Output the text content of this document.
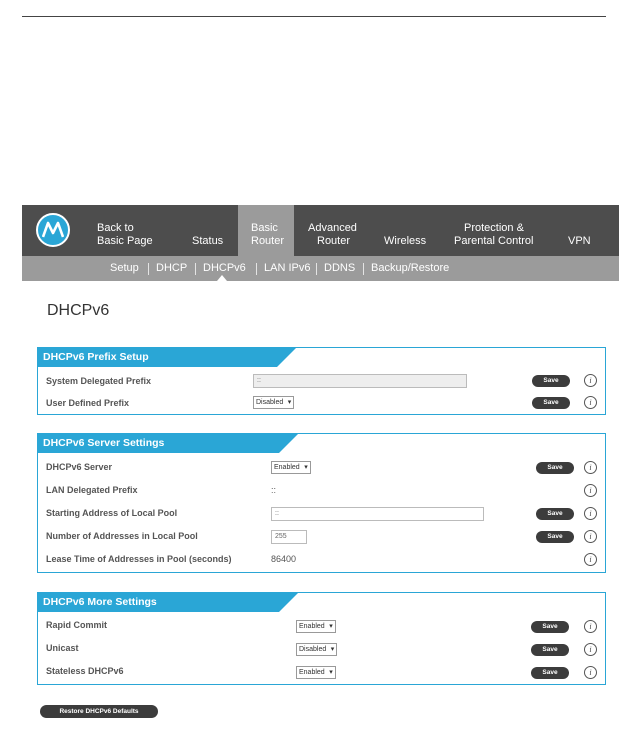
Back to
Basic Page	Status
Basic
Router
Advanced
Router	Wireless
Protection &
Parental Control	VPN
Setup DHCP DHCPv6 LAN IPv6 DDNS Backup/Restore
DHCPv6
DHCPv6 Prefix Setup
System Delegated Prefix	::	Save	i
User Defined Prefix	Disabled ▾	Save	i
DHCPv6 Server Settings
DHCPv6 Server	Enabled ▾	Save	i
LAN Delegated Prefix	::	i
Starting Address of Local Pool	::	Save	i
Number of Addresses in Local Pool	255	Save	i
Lease Time of Addresses in Pool (seconds)	86400	i
DHCPv6 More Settings
Rapid Commit	Enabled ▾	Save	i
Unicast	Disabled ▾	Save	i
Stateless DHCPv6	Enabled ▾	Save	i
Restore DHCPv6 Defaults
